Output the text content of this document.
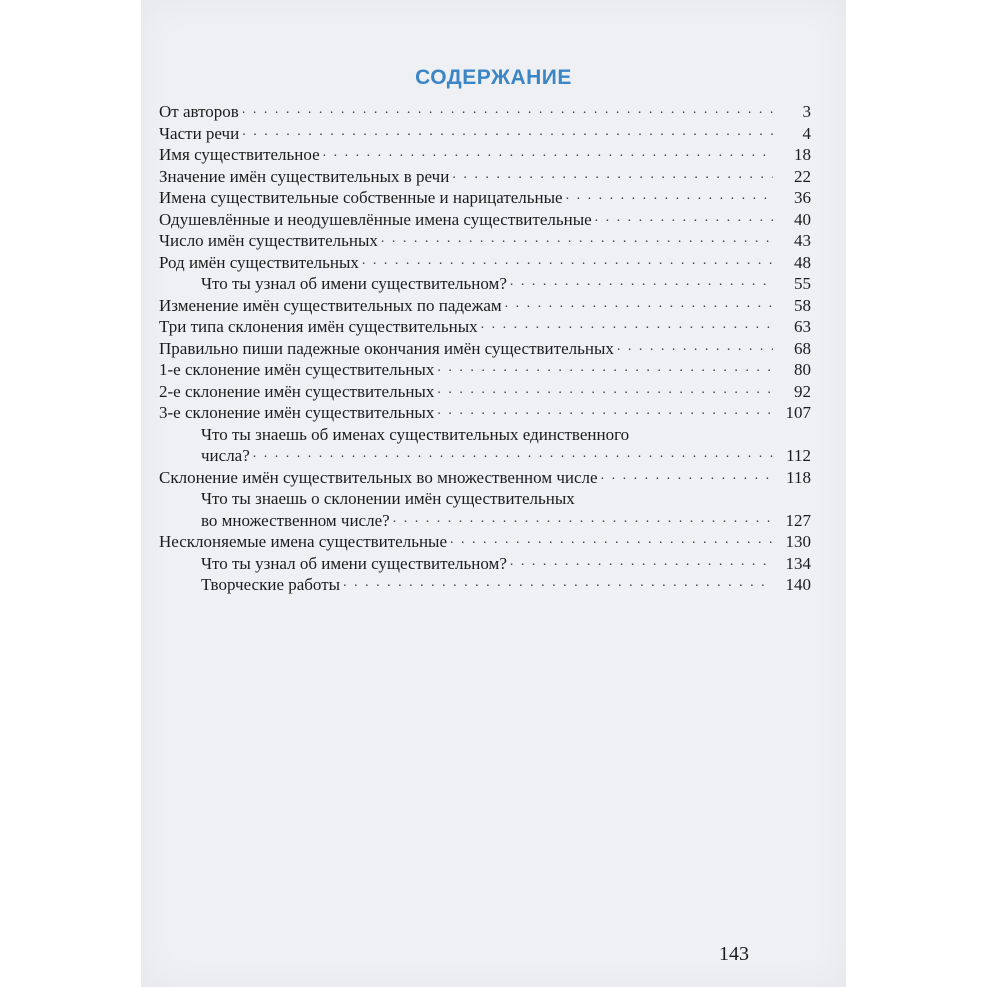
СОДЕРЖАНИЕ
От авторов . . .	3
Части речи . . .	4
Имя существительное . . .	18
Значение имён существительных в речи . . .	22
Имена существительные собственные и нарицательные . . .	36
Одушевлённые и неодушевлённые имена существительные . . .	40
Число имён существительных . . .	43
Род имён существительных . . .	48
Что ты узнал об имени существительном? . . .	55
Изменение имён существительных по падежам . . .	58
Три типа склонения имён существительных . . .	63
Правильно пиши падежные окончания имён существительных . . .	68
1-е склонение имён существительных . . .	80
2-е склонение имён существительных . . .	92
3-е склонение имён существительных . . .	107
Что ты знаешь об именах существительных единственного
числа? . . .	112
Склонение имён существительных во множественном числе . . .	118
Что ты знаешь о склонении имён существительных
во множественном числе? . . .	127
Несклоняемые имена существительные . . .	130
Что ты узнал об имени существительном? . . .	134
Творческие работы . . .	140
143
